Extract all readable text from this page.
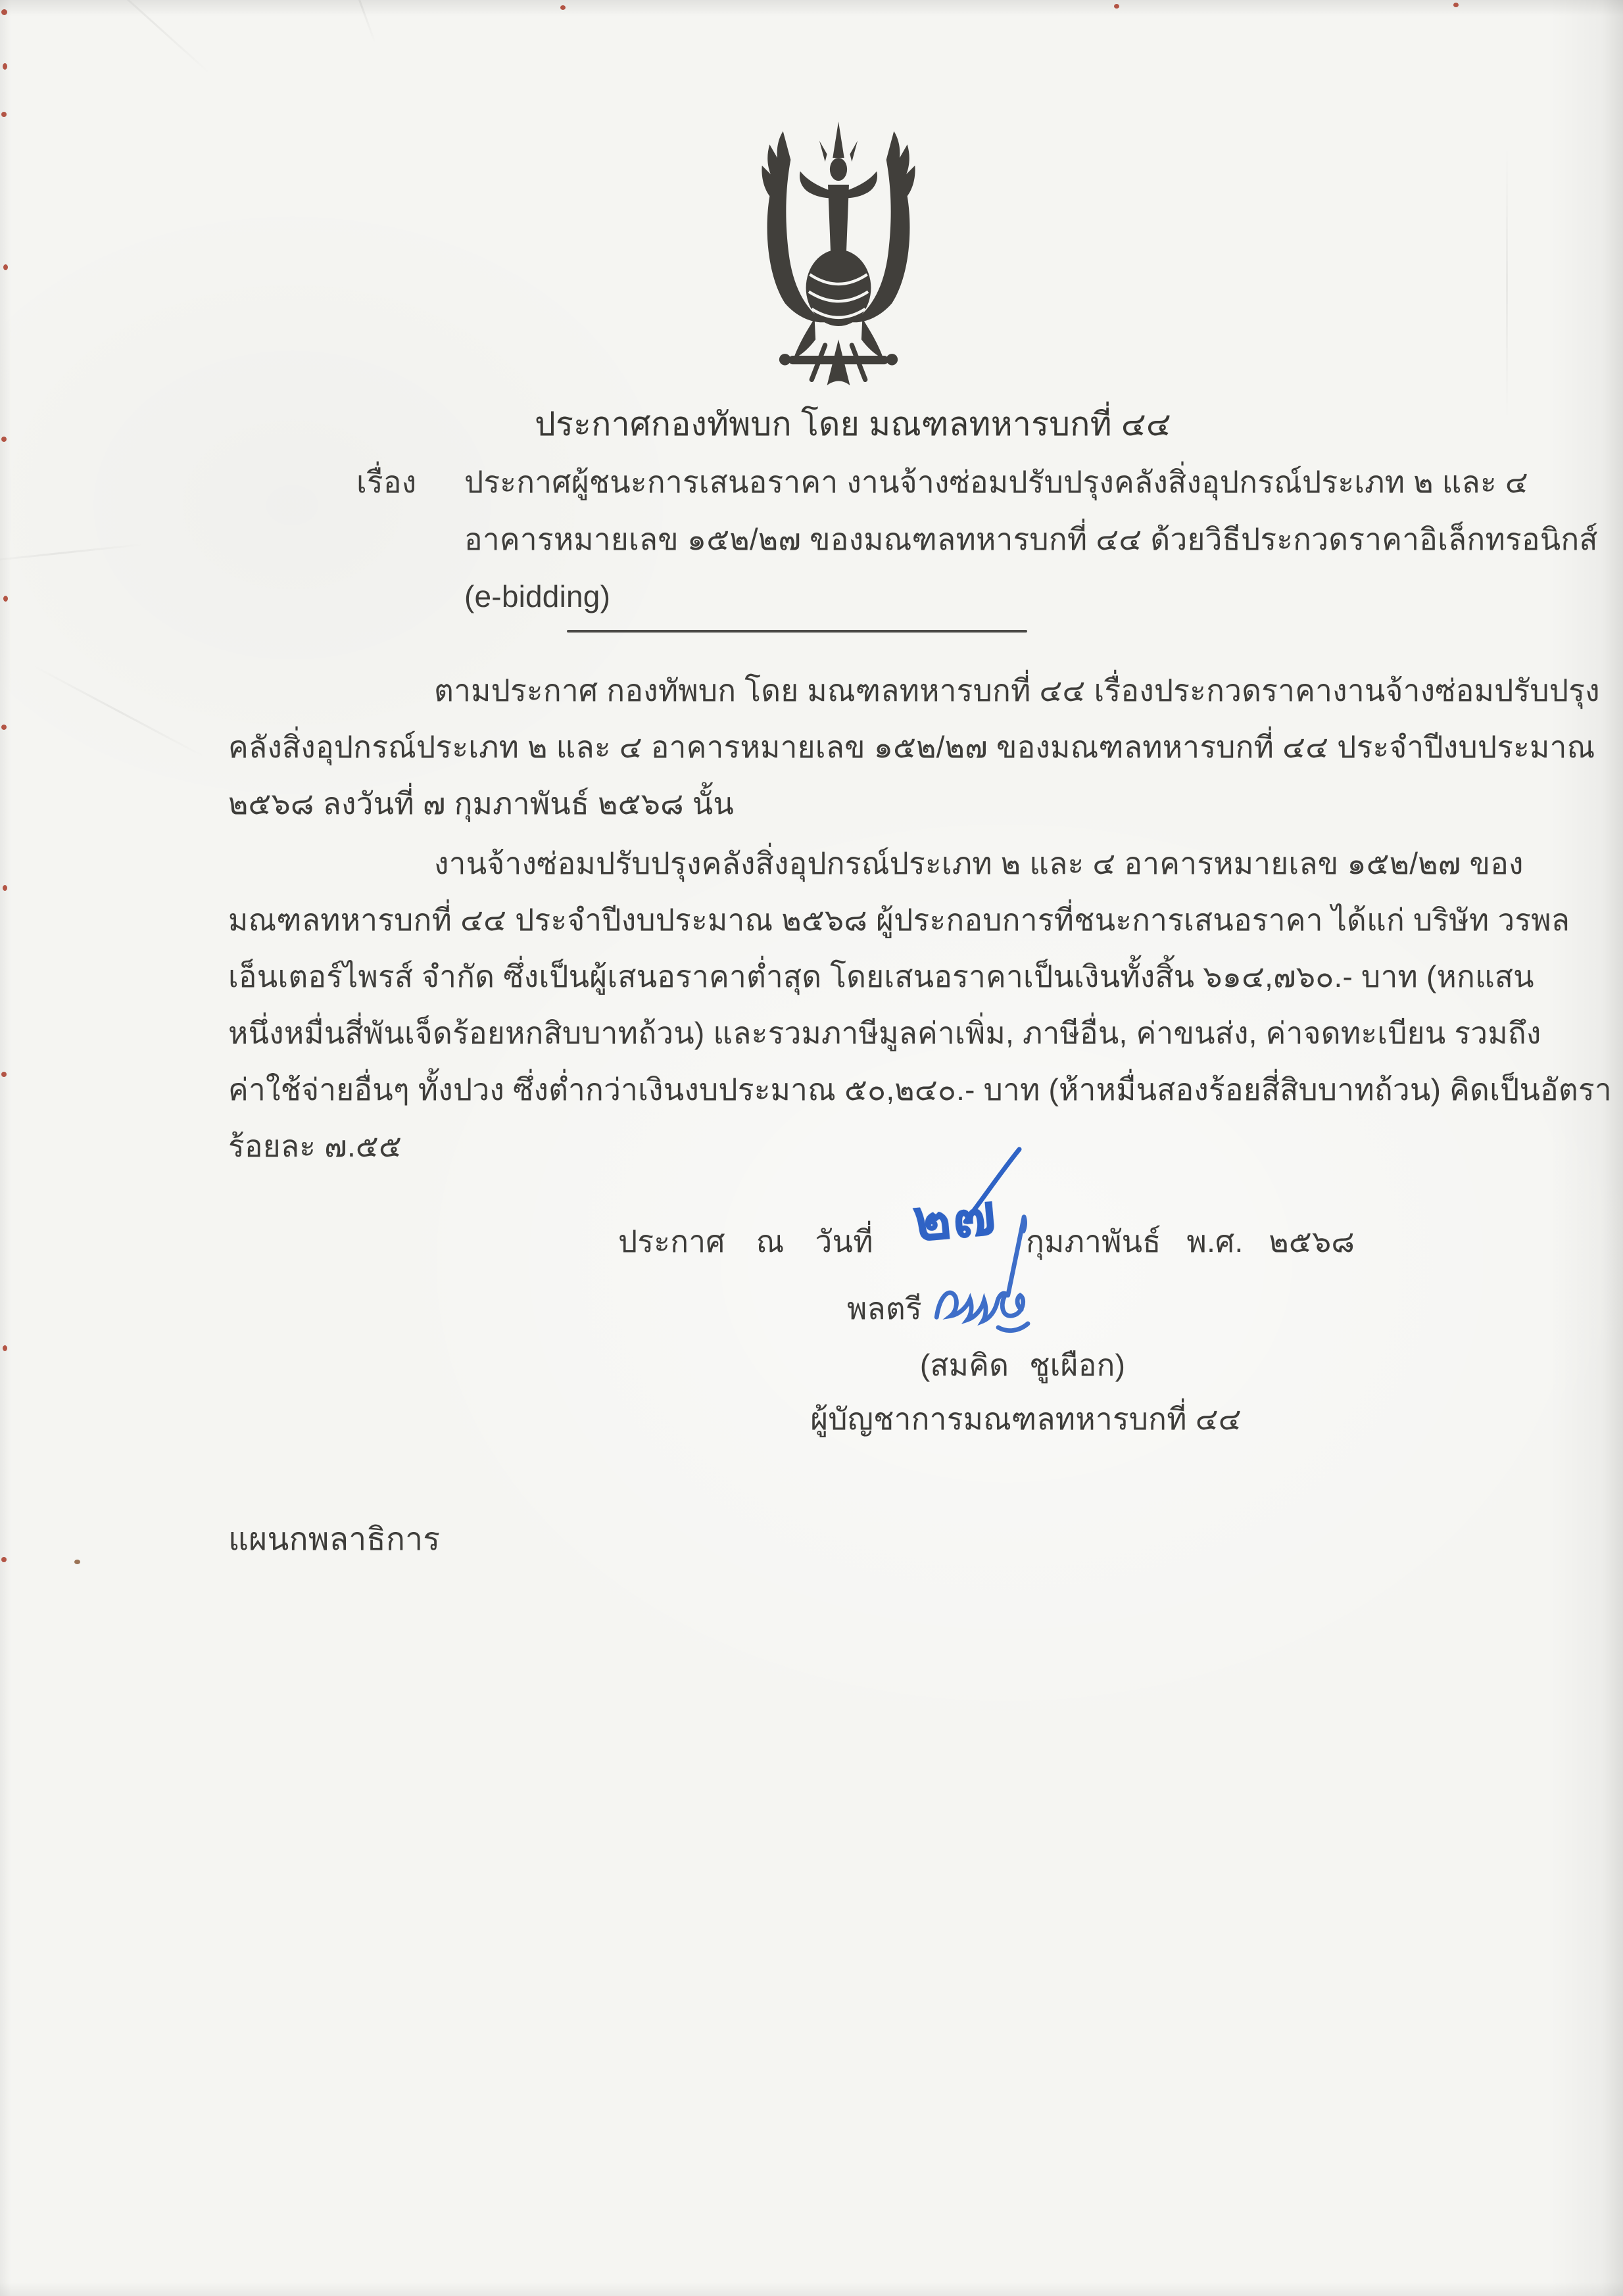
ประกาศกองทัพบก โดย มณฑลทหารบกที่ ๔๔
เรื่อง ประกาศผู้ชนะการเสนอราคา งานจ้างซ่อมปรับปรุงคลังสิ่งอุปกรณ์ประเภท ๒ และ ๔
อาคารหมายเลข ๑๕๒/๒๗ ของมณฑลทหารบกที่ ๔๔ ด้วยวิธีประกวดราคาอิเล็กทรอนิกส์
(e-bidding)
ตามประกาศ กองทัพบก โดย มณฑลทหารบกที่ ๔๔ เรื่องประกวดราคางานจ้างซ่อมปรับปรุง
คลังสิ่งอุปกรณ์ประเภท ๒ และ ๔ อาคารหมายเลข ๑๕๒/๒๗ ของมณฑลทหารบกที่ ๔๔ ประจำปีงบประมาณ
๒๕๖๘ ลงวันที่ ๗ กุมภาพันธ์ ๒๕๖๘ นั้น
งานจ้างซ่อมปรับปรุงคลังสิ่งอุปกรณ์ประเภท ๒ และ ๔ อาคารหมายเลข ๑๕๒/๒๗ ของ
มณฑลทหารบกที่ ๔๔ ประจำปีงบประมาณ ๒๕๖๘ ผู้ประกอบการที่ชนะการเสนอราคา ได้แก่ บริษัท วรพล
เอ็นเตอร์ไพรส์ จำกัด ซึ่งเป็นผู้เสนอราคาต่ำสุด โดยเสนอราคาเป็นเงินทั้งสิ้น ๖๑๔,๗๖๐.- บาท (หกแสน
หนึ่งหมื่นสี่พันเจ็ดร้อยหกสิบบาทถ้วน) และรวมภาษีมูลค่าเพิ่ม, ภาษีอื่น, ค่าขนส่ง, ค่าจดทะเบียน รวมถึง
ค่าใช้จ่ายอื่นๆ ทั้งปวง ซึ่งต่ำกว่าเงินงบประมาณ ๕๐,๒๔๐.- บาท (ห้าหมื่นสองร้อยสี่สิบบาทถ้วน) คิดเป็นอัตรา
ร้อยละ ๗.๕๕
ประกาศ ณ วันที่ ๒๗ กุมภาพันธ์ พ.ศ. ๒๕๖๘
พลตรี
(สมคิด ชูเผือก)
ผู้บัญชาการมณฑลทหารบกที่ ๔๔
แผนกพลาธิการ
